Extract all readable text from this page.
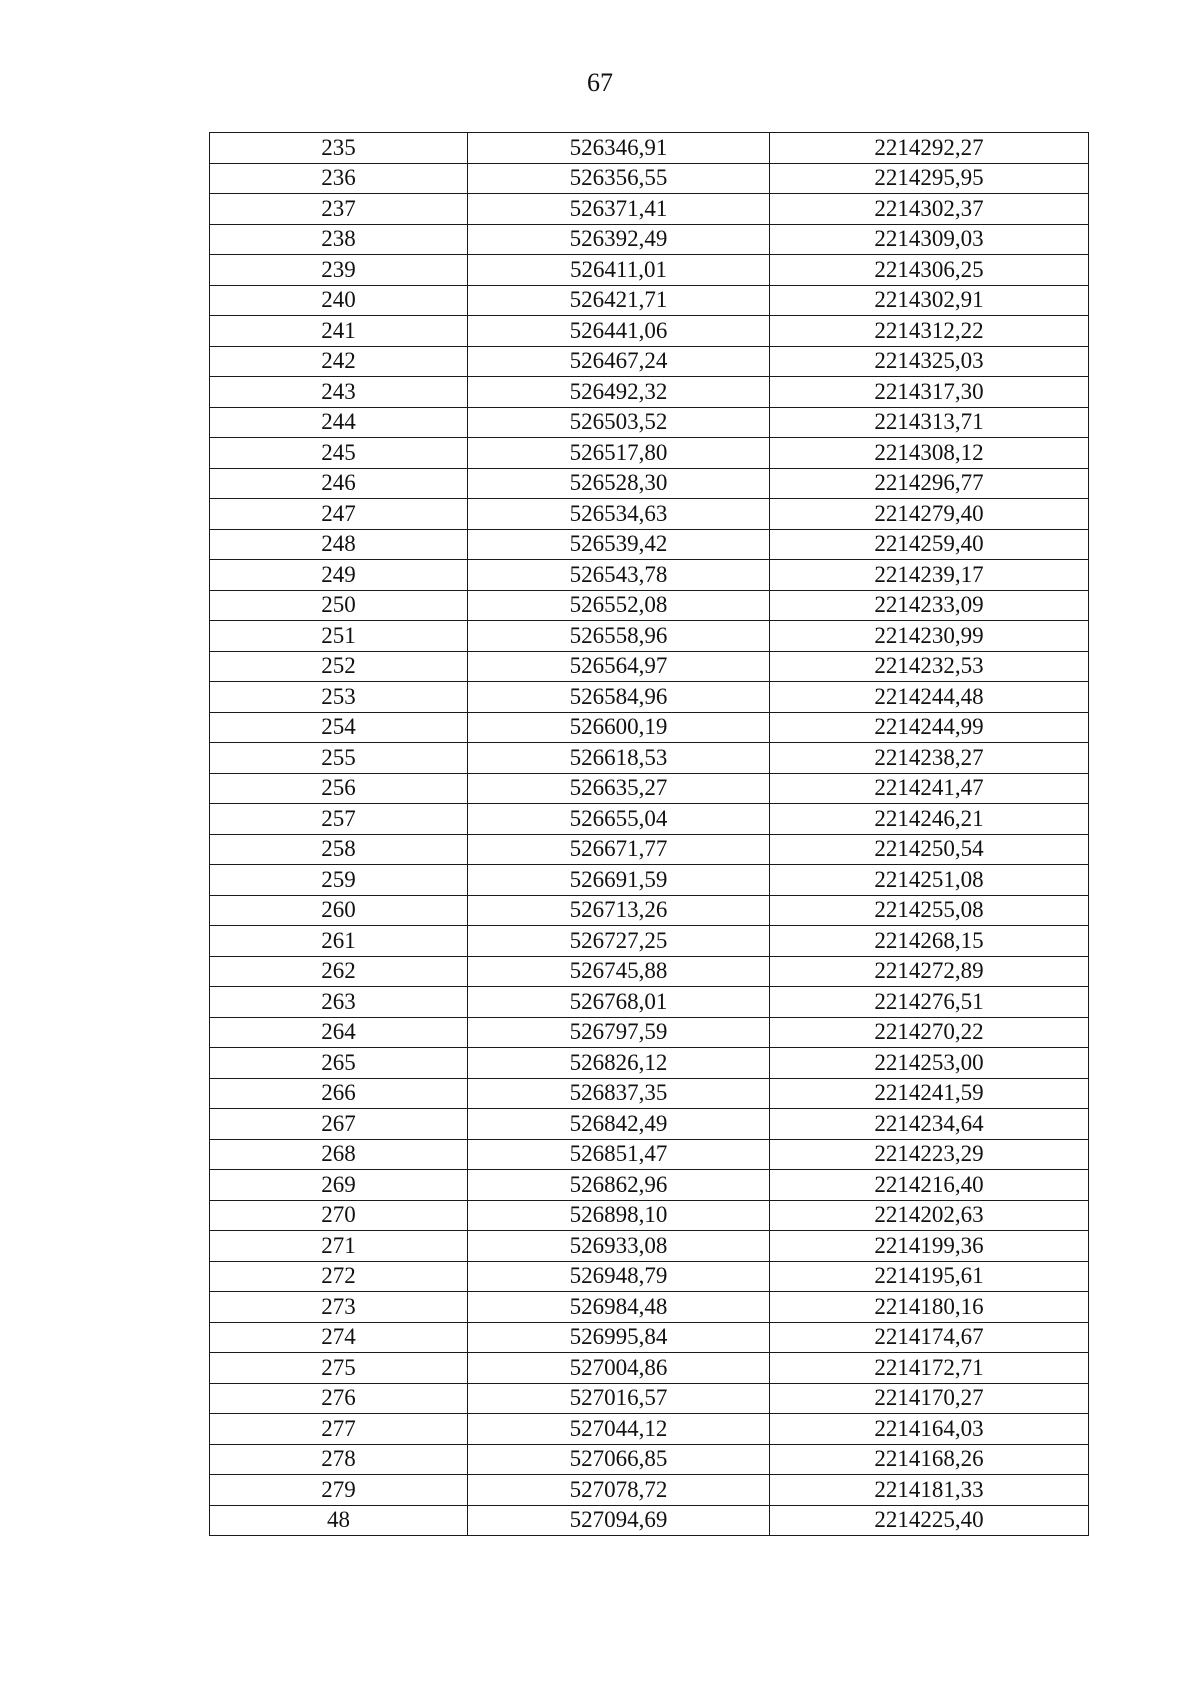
67
235	526346,91	2214292,27
236	526356,55	2214295,95
237	526371,41	2214302,37
238	526392,49	2214309,03
239	526411,01	2214306,25
240	526421,71	2214302,91
241	526441,06	2214312,22
242	526467,24	2214325,03
243	526492,32	2214317,30
244	526503,52	2214313,71
245	526517,80	2214308,12
246	526528,30	2214296,77
247	526534,63	2214279,40
248	526539,42	2214259,40
249	526543,78	2214239,17
250	526552,08	2214233,09
251	526558,96	2214230,99
252	526564,97	2214232,53
253	526584,96	2214244,48
254	526600,19	2214244,99
255	526618,53	2214238,27
256	526635,27	2214241,47
257	526655,04	2214246,21
258	526671,77	2214250,54
259	526691,59	2214251,08
260	526713,26	2214255,08
261	526727,25	2214268,15
262	526745,88	2214272,89
263	526768,01	2214276,51
264	526797,59	2214270,22
265	526826,12	2214253,00
266	526837,35	2214241,59
267	526842,49	2214234,64
268	526851,47	2214223,29
269	526862,96	2214216,40
270	526898,10	2214202,63
271	526933,08	2214199,36
272	526948,79	2214195,61
273	526984,48	2214180,16
274	526995,84	2214174,67
275	527004,86	2214172,71
276	527016,57	2214170,27
277	527044,12	2214164,03
278	527066,85	2214168,26
279	527078,72	2214181,33
48	527094,69	2214225,40
